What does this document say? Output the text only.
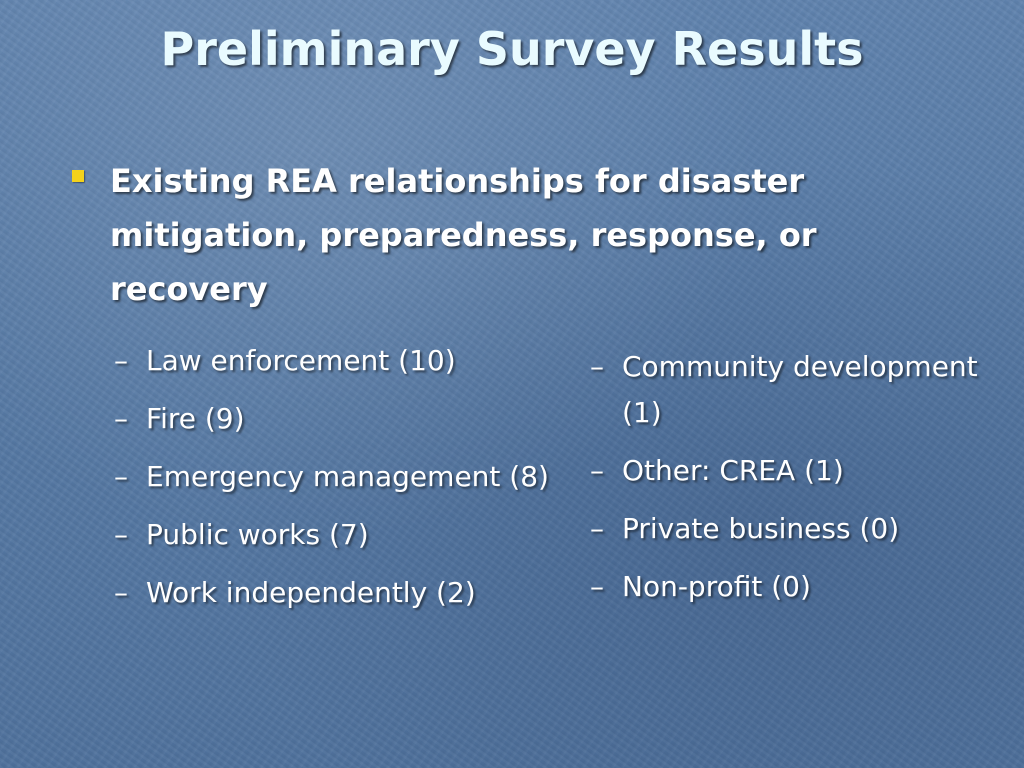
Preliminary Survey Results
Existing REA relationships for disaster mitigation, preparedness, response, or recovery
– Law enforcement (10)
– Fire (9)
– Emergency management (8)
– Public works (7)
– Work independently (2)
– Community development (1)
– Other: CREA (1)
– Private business (0)
– Non-profit (0)
